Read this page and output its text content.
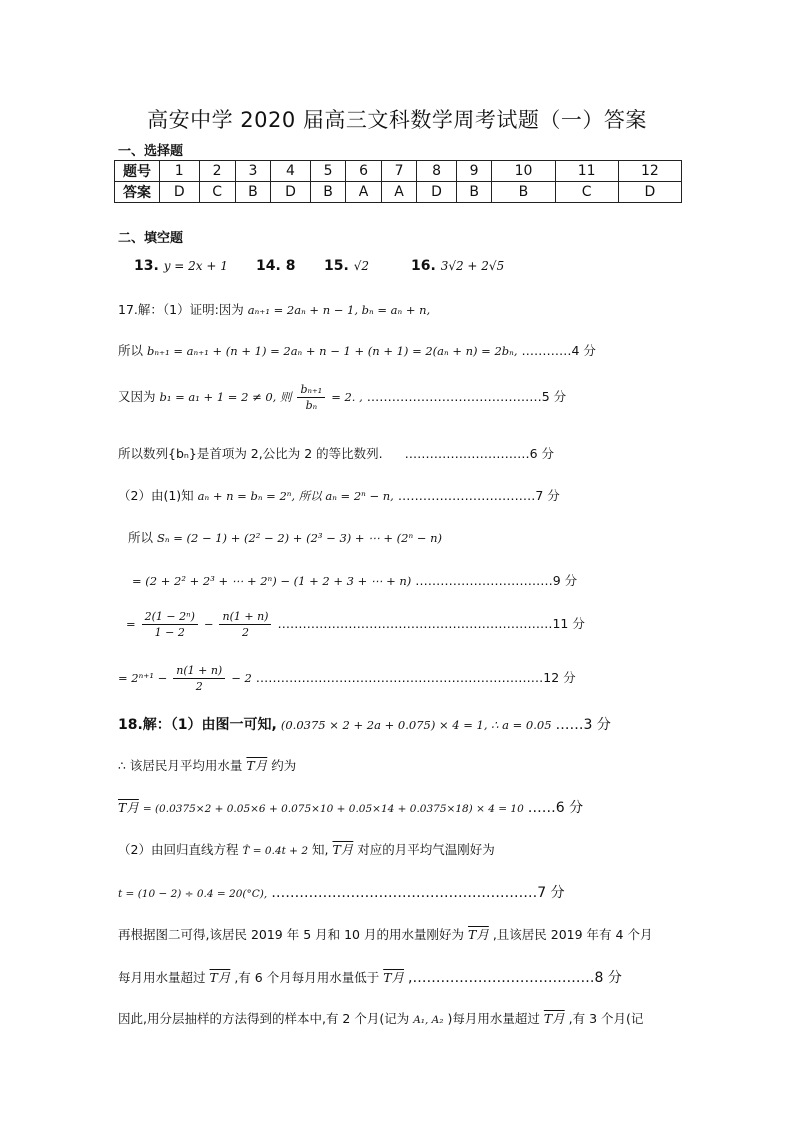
高安中学 2020 届高三文科数学周考试题（一）答案
一、选择题
题号	1	2	3	4	5	6	7	8	9	10	11	12
答案	D	C	B	D	B	A	A	D	B	B	C	D
二、填空题
13. y = 2x + 1 14. 8 15. √2	16. 3√2 + 2√5
17.解：（1）证明:因为 aₙ₊₁ = 2aₙ + n − 1, bₙ = aₙ + n,
所以 bₙ₊₁ = aₙ₊₁ + (n + 1) = 2aₙ + n − 1 + (n + 1) = 2(aₙ + n) = 2bₙ, …………4 分
又因为 b₁ = a₁ + 1 = 2 ≠ 0, 则 $\frac{\text{bₙ₊₁}}{\text{bₙ}} = 2$. , ……………………………………5 分
所以数列{bₙ}是首项为 2,公比为 2 的等比数列. …………………………6 分
（2）由(1)知 aₙ + n = bₙ = 2ⁿ, 所以 aₙ = 2ⁿ − n, ……………………………7 分
所以 Sₙ = (2 − 1) + (2² − 2) + (2³ − 3) + ⋯ + (2ⁿ − n)
= (2 + 2² + 2³ + ⋯ + 2ⁿ) − (1 + 2 + 3 + ⋯ + n) ……………………………9 分
= $\frac{\text{2(1 − 2ⁿ)}}{1 - 2} - \frac{n(1 + n)}{2}$ …………………………………………………………11 分
= $2^{n+1} - \frac{n(1 + n)}{2} - 2$ ……………………………………………………………12 分
18.解：（1）由图一可知, (0.0375 × 2 + 2a + 0.075) × 4 = 1, ∴ a = 0.05 ……3 分
∴ 该居民月平均用水量 T月 约为
T月 = (0.0375×2 + 0.05×6 + 0.075×10 + 0.05×14 + 0.0375×18) × 4 = 10 ……6 分
（2）由回归直线方程 T̂ = 0.4t + 2 知, T月 对应的月平均气温刚好为
t = (10 − 2) ÷ 0.4 = 20(°C), …………………………………………………7 分
再根据图二可得,该居民 2019 年 5 月和 10 月的用水量刚好为 T月 ,且该居民 2019 年有 4 个月
每月用水量超过 T月 ,有 6 个月每月用水量低于 T月 ,…………………………………8 分
因此,用分层抽样的方法得到的样本中,有 2 个月(记为 A₁, A₂ )每月用水量超过 T月 ,有 3 个月(记
